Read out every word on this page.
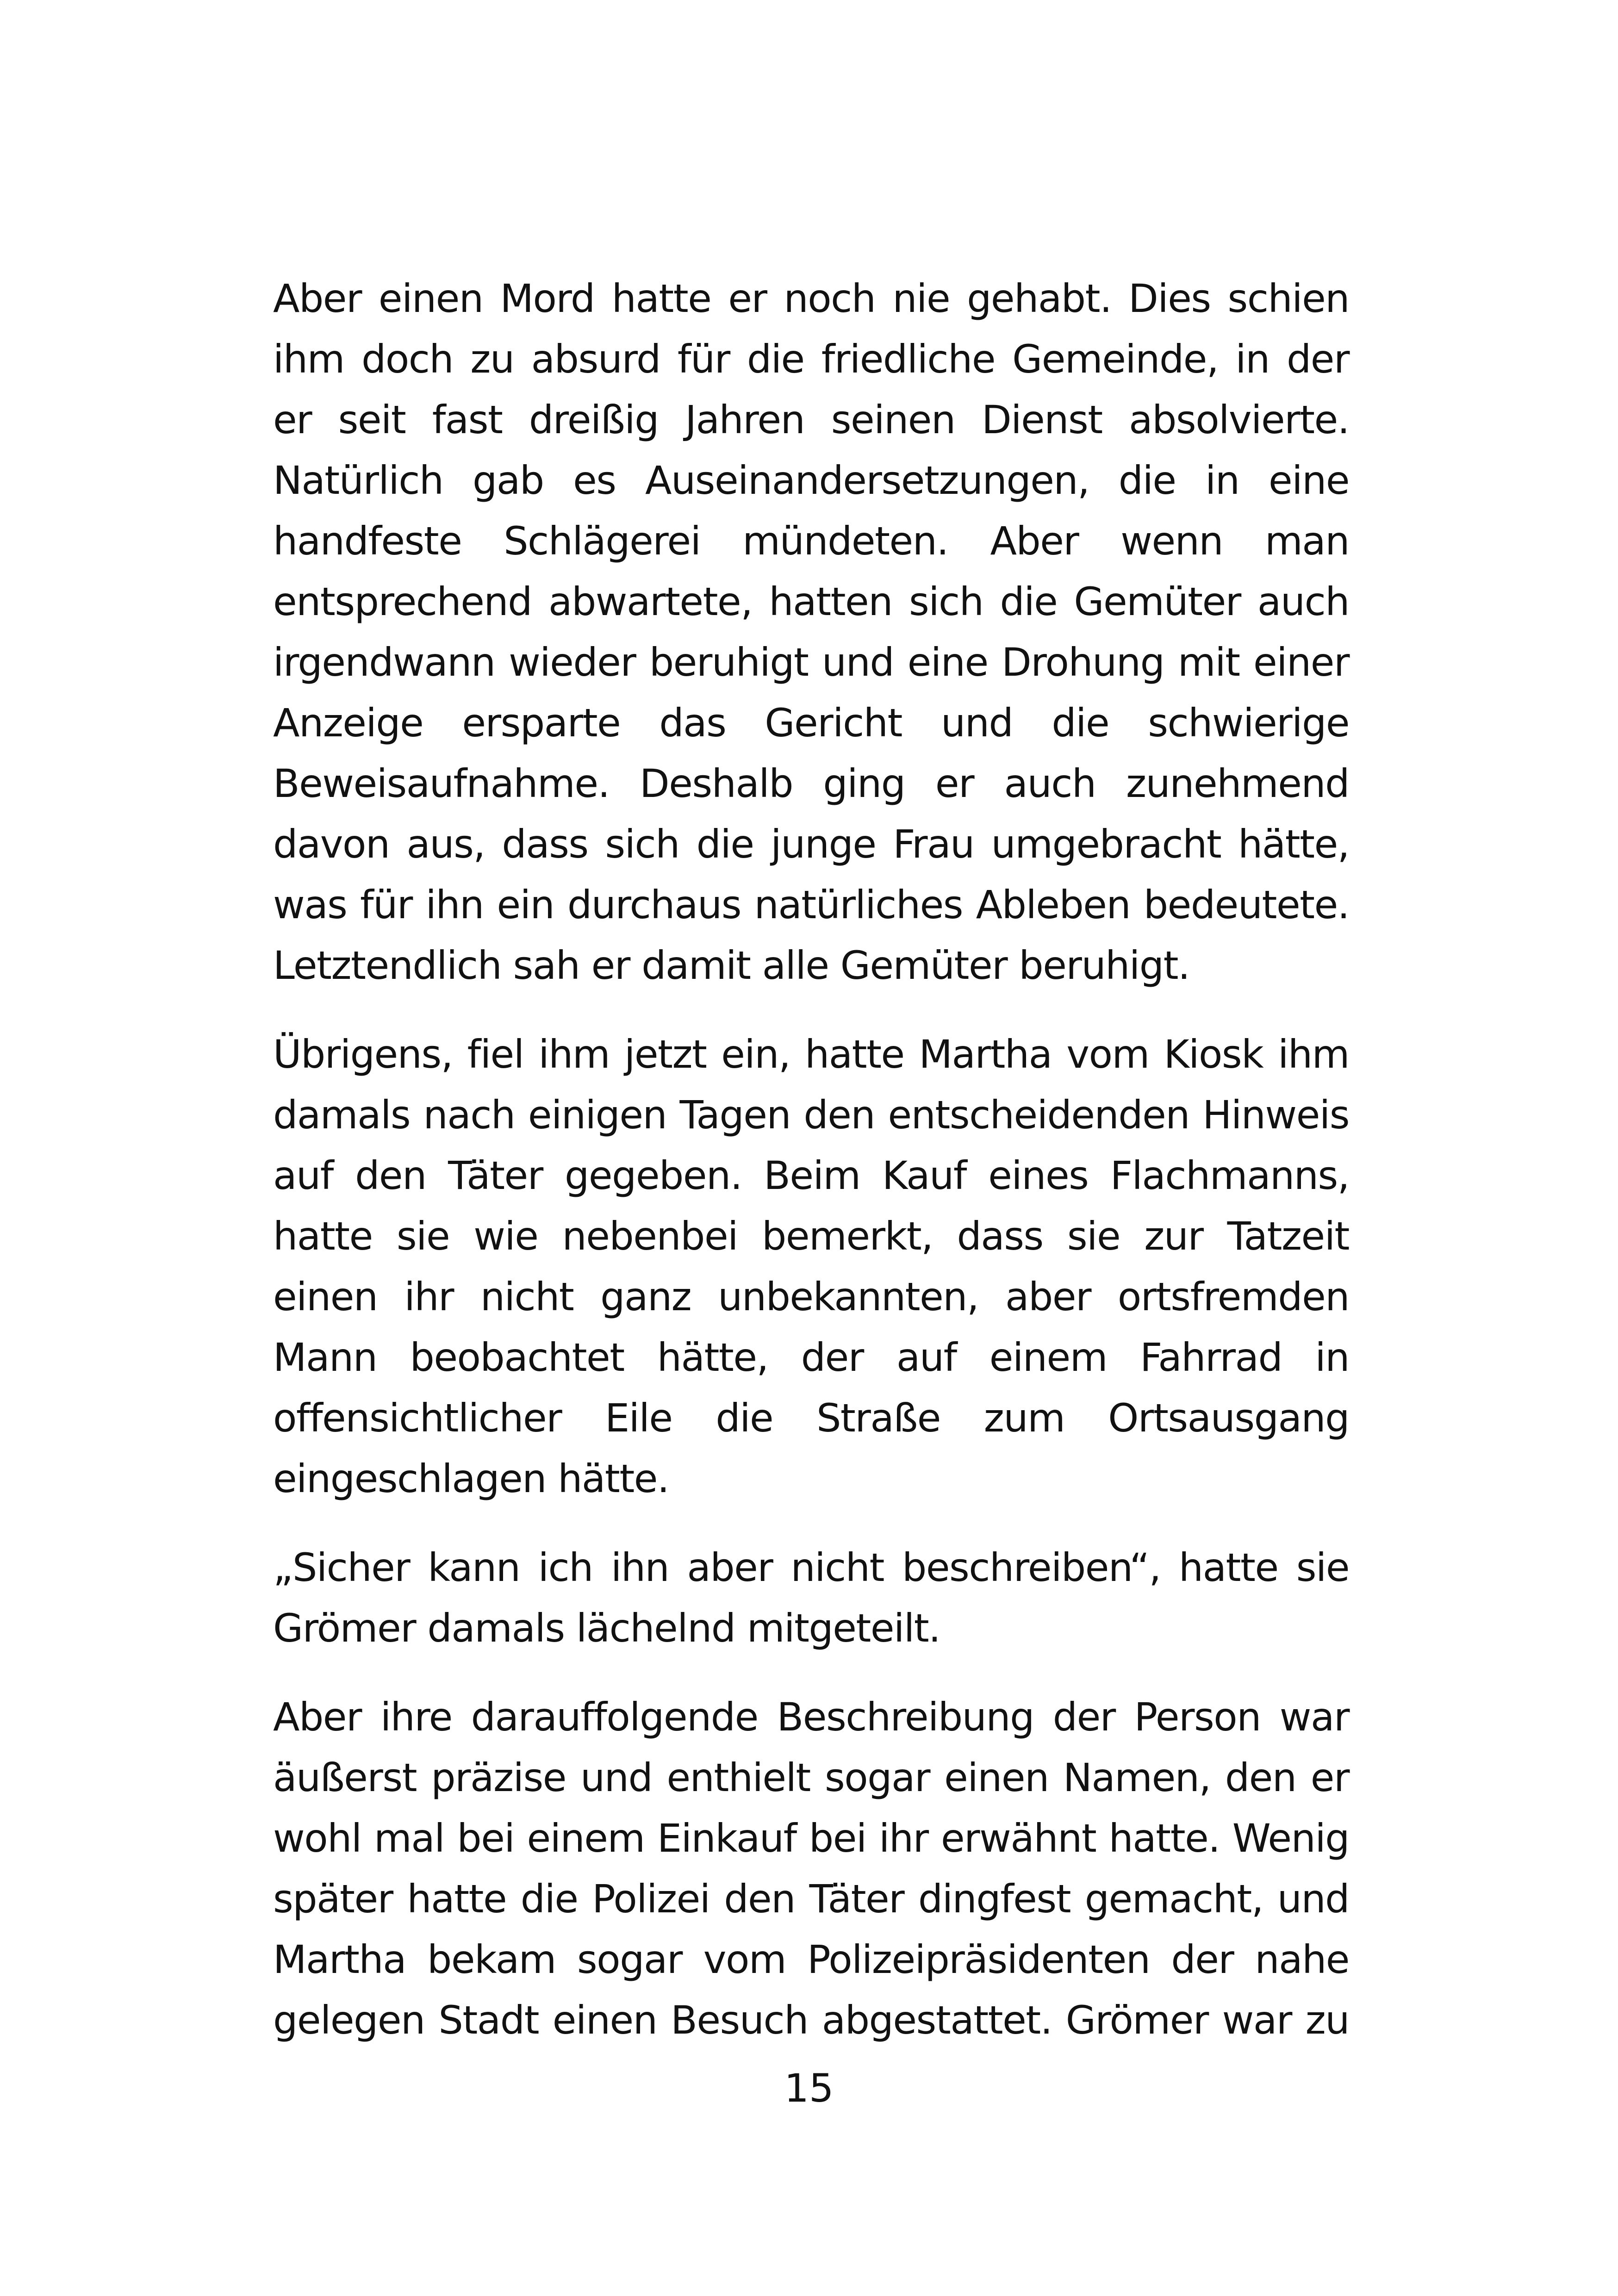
Aber einen Mord hatte er noch nie gehabt. Dies schien ihm doch zu absurd für die friedliche Gemeinde, in der er seit fast dreißig Jahren seinen Dienst absolvierte. Natürlich gab es Auseinandersetzungen, die in eine handfeste Schlägerei mündeten. Aber wenn man entsprechend abwartete, hatten sich die Gemüter auch irgendwann wieder beruhigt und eine Drohung mit einer Anzeige ersparte das Gericht und die schwierige Beweisaufnahme. Deshalb ging er auch zunehmend davon aus, dass sich die junge Frau umgebracht hätte, was für ihn ein durchaus natürliches Ableben bedeutete. Letztendlich sah er damit alle Gemüter beruhigt.

Übrigens, fiel ihm jetzt ein, hatte Martha vom Kiosk ihm damals nach einigen Tagen den entscheidenden Hinweis auf den Täter gegeben. Beim Kauf eines Flachmanns, hatte sie wie nebenbei bemerkt, dass sie zur Tatzeit einen ihr nicht ganz unbekannten, aber ortsfremden Mann beobachtet hätte, der auf einem Fahrrad in offensichtlicher Eile die Straße zum Ortsausgang eingeschlagen hätte.

„Sicher kann ich ihn aber nicht beschreiben“, hatte sie Grömer damals lächelnd mitgeteilt.

Aber ihre darauffolgende Beschreibung der Person war äußerst präzise und enthielt sogar einen Namen, den er wohl mal bei einem Einkauf bei ihr erwähnt hatte. Wenig später hatte die Polizei den Täter dingfest gemacht, und Martha bekam sogar vom Polizeipräsidenten der nahe gelegen Stadt einen Besuch abgestattet. Grömer war zu

15
